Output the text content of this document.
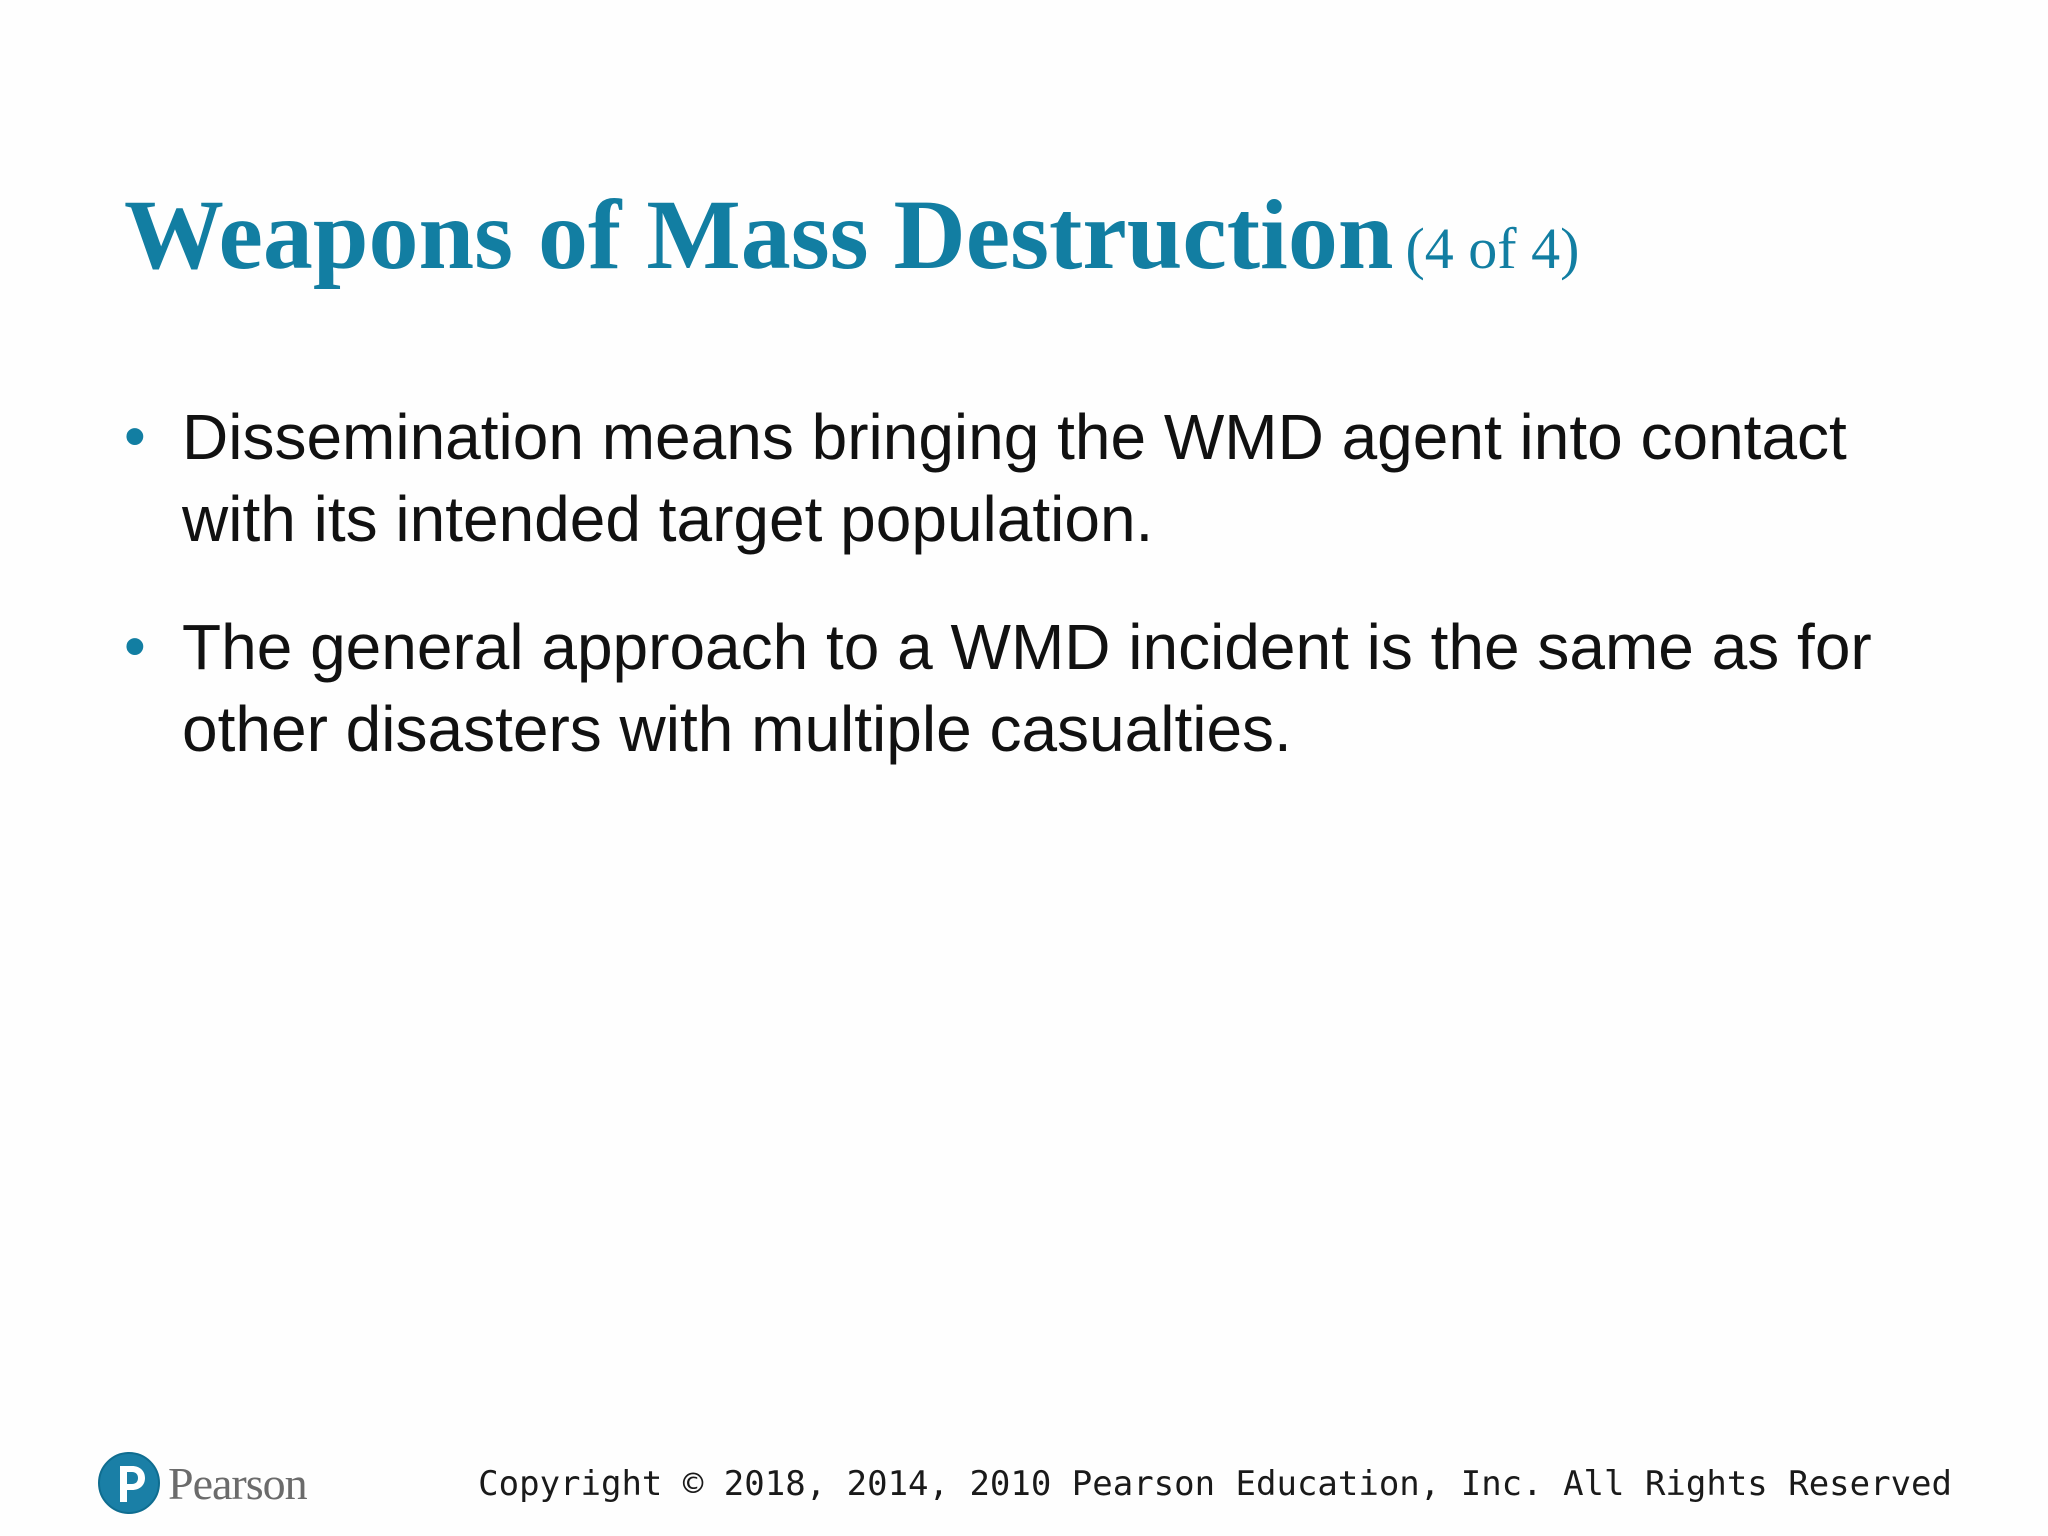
Weapons of Mass Destruction (4 of 4)
• Dissemination means bringing the WMD agent into contact with its intended target population.
• The general approach to a WMD incident is the same as for other disasters with multiple casualties.
Pearson	Copyright © 2018, 2014, 2010 Pearson Education, Inc. All Rights Reserved
